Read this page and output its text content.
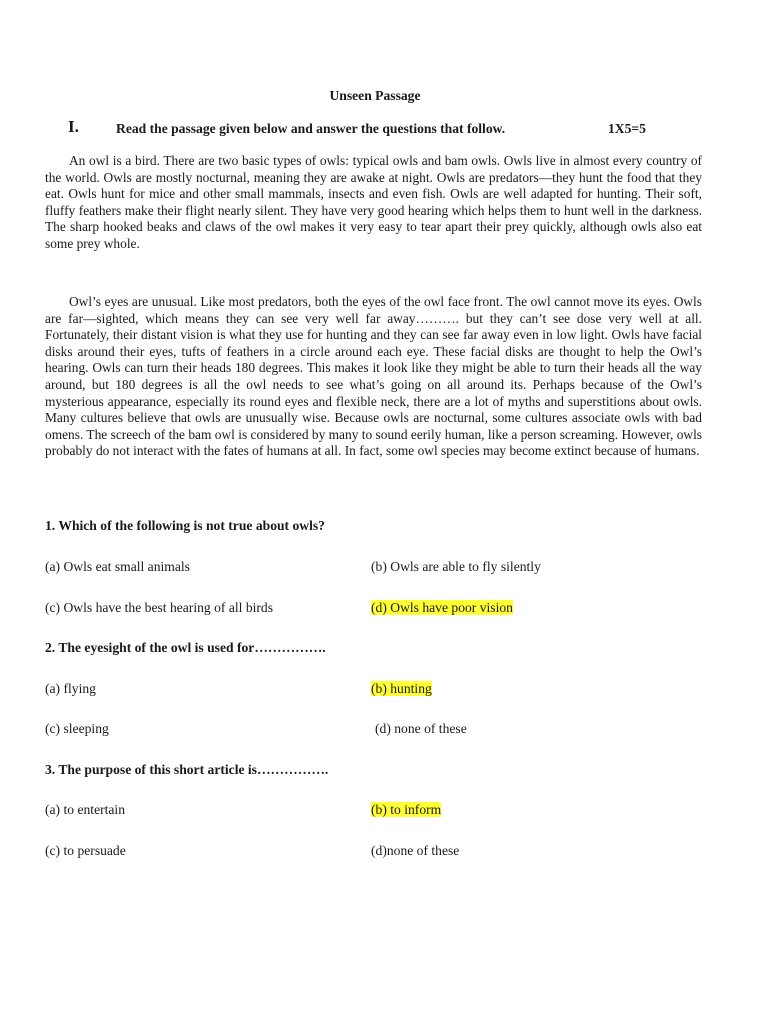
Unseen Passage
I.	Read the passage given below and answer the questions that follow.	1X5=5

An owl is a bird. There are two basic types of owls: typical owls and bam owls. Owls live in almost every country of the world. Owls are mostly nocturnal, meaning they are awake at night. Owls are predators—they hunt the food that they eat. Owls hunt for mice and other small mammals, insects and even fish. Owls are well adapted for hunting. Their soft, fluffy feathers make their flight nearly silent. They have very good hearing which helps them to hunt well in the darkness. The sharp hooked beaks and claws of the owl makes it very easy to tear apart their prey quickly, although owls also eat some prey whole.

Owl’s eyes are unusual. Like most predators, both the eyes of the owl face front. The owl cannot move its eyes. Owls are far—sighted, which means they can see very well far away………. but they can’t see dose very well at all. Fortunately, their distant vision is what they use for hunting and they can see far away even in low light. Owls have facial disks around their eyes, tufts of feathers in a circle around each eye. These facial disks are thought to help the Owl’s hearing. Owls can turn their heads 180 degrees. This makes it look like they might be able to turn their heads all the way around, but 180 degrees is all the owl needs to see what’s going on all around its. Perhaps because of the Owl’s mysterious appearance, especially its round eyes and flexible neck, there are a lot of myths and superstitions about owls. Many cultures believe that owls are unusually wise. Because owls are nocturnal, some cultures associate owls with bad omens. The screech of the bam owl is considered by many to sound eerily human, like a person screaming. However, owls probably do not interact with the fates of humans at all. In fact, some owl species may become extinct because of humans.

1. Which of the following is not true about owls?
(a) Owls eat small animals	(b) Owls are able to fly silently
(c) Owls have the best hearing of all birds	(d) Owls have poor vision
2. The eyesight of the owl is used for…………….
(a) flying	(b) hunting
(c) sleeping	(d) none of these
3. The purpose of this short article is…………….
(a) to entertain	(b) to inform
(c) to persuade	(d)none of these
